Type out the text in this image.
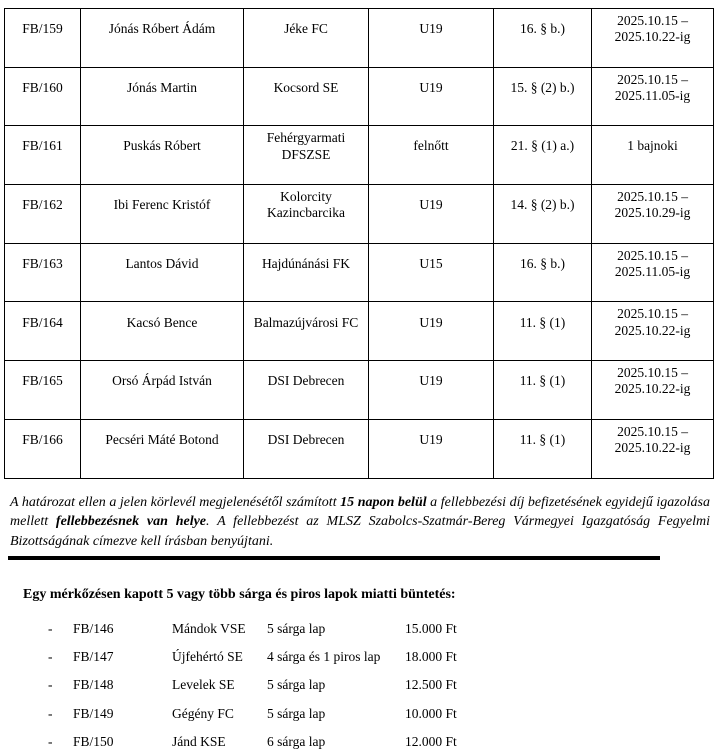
FB/159	Jónás Róbert Ádám	Jéke FC	U19	16. § b.)	2025.10.15 – 2025.10.22-ig
FB/160	Jónás Martin	Kocsord SE	U19	15. § (2) b.)	2025.10.15 – 2025.11.05-ig
FB/161	Puskás Róbert	Fehérgyarmati DFSZSE	felnőtt	21. § (1) a.)	1 bajnoki
FB/162	Ibi Ferenc Kristóf	Kolorcity Kazincbarcika	U19	14. § (2) b.)	2025.10.15 – 2025.10.29-ig
FB/163	Lantos Dávid	Hajdúnánási FK	U15	16. § b.)	2025.10.15 – 2025.11.05-ig
FB/164	Kacsó Bence	Balmazújvárosi FC	U19	11. § (1)	2025.10.15 – 2025.10.22-ig
FB/165	Orsó Árpád István	DSI Debrecen	U19	11. § (1)	2025.10.15 – 2025.10.22-ig
FB/166	Pecséri Máté Botond	DSI Debrecen	U19	11. § (1)	2025.10.15 – 2025.10.22-ig

A határozat ellen a jelen körlevél megjelenésétől számított 15 napon belül a fellebbezési díj befizetésének egyidejű igazolása mellett fellebbezésnek van helye. A fellebbezést az MLSZ Szabolcs-Szatmár-Bereg Vármegyei Igazgatóság Fegyelmi Bizottságának címezve kell írásban benyújtani.

Egy mérkőzésen kapott 5 vagy több sárga és piros lapok miatti büntetés:
-	FB/146	Mándok VSE	5 sárga lap	15.000 Ft
-	FB/147	Újfehértó SE	4 sárga és 1 piros lap	18.000 Ft
-	FB/148	Levelek SE	5 sárga lap	12.500 Ft
-	FB/149	Gégény FC	5 sárga lap	10.000 Ft
-	FB/150	Jánd KSE	6 sárga lap	12.000 Ft
